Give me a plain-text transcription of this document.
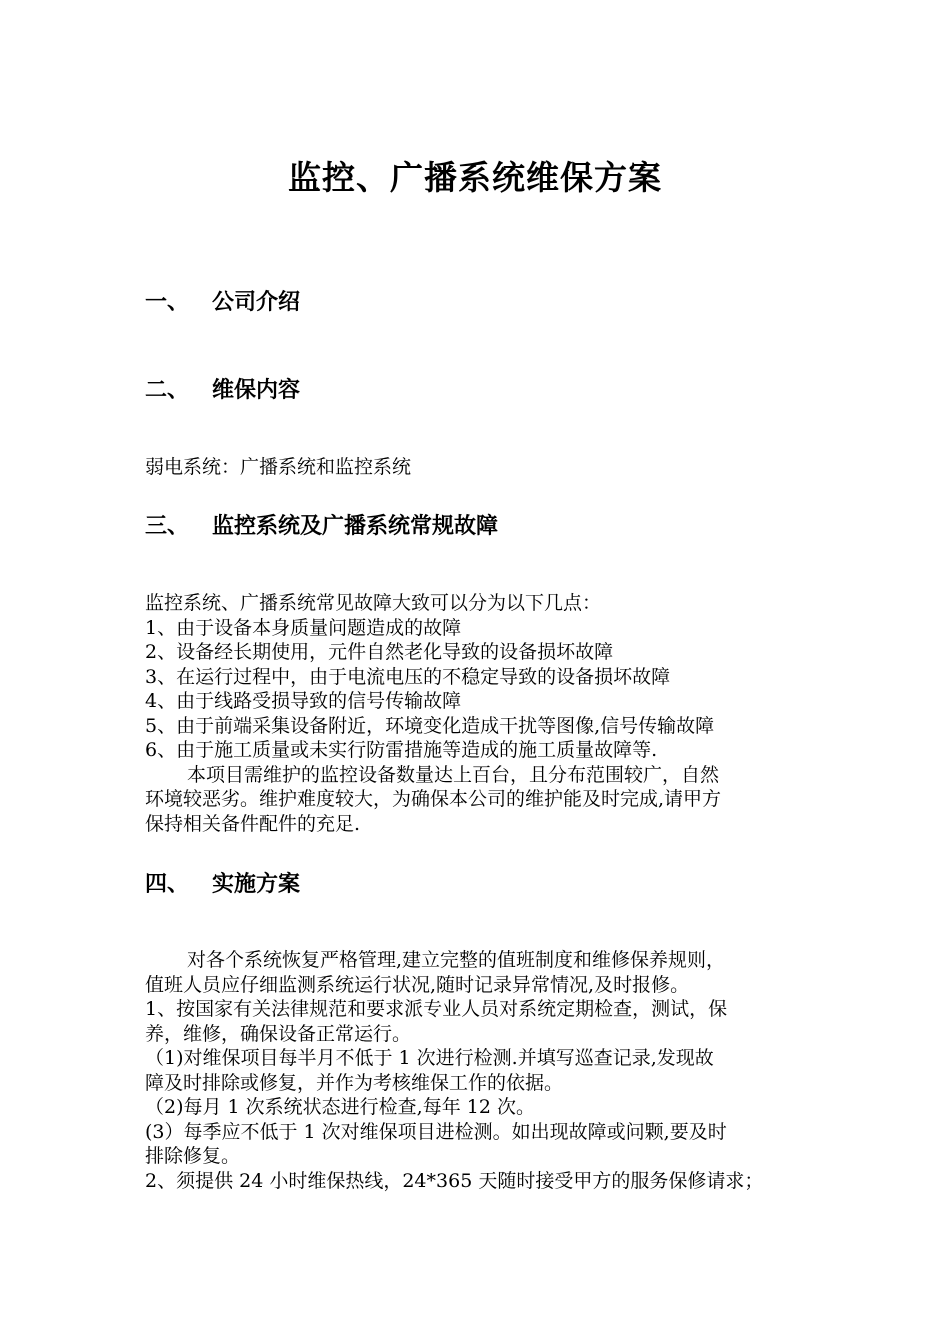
监控、广播系统维保方案
一、 公司介绍
二、 维保内容

弱电系统：广播系统和监控系统

三、 监控系统及广播系统常规故障

监控系统、广播系统常见故障大致可以分为以下几点：

1、由于设备本身质量问题造成的故障

2、设备经长期使用，元件自然老化导致的设备损坏故障

3、在运行过程中，由于电流电压的不稳定导致的设备损坏故障

4、由于线路受损导致的信号传输故障

5、由于前端采集设备附近，环境变化造成干扰等图像,信号传输故障

6、由于施工质量或未实行防雷措施等造成的施工质量故障等.

本项目需维护的监控设备数量达上百台，且分布范围较广，自然

环境较恶劣。维护难度较大，为确保本公司的维护能及时完成,请甲方

保持相关备件配件的充足.

四、 实施方案

对各个系统恢复严格管理,建立完整的值班制度和维修保养规则，

值班人员应仔细监测系统运行状况,随时记录异常情况,及时报修。

1、按国家有关法律规范和要求派专业人员对系统定期检查，测试，保

养，维修，确保设备正常运行。

（1)对维保项目每半月不低于 1 次进行检测.并填写巡查记录,发现故

障及时排除或修复，并作为考核维保工作的依据。

（2)每月 1 次系统状态进行检查,每年 12 次。

(3）每季应不低于 1 次对维保项目进检测。如出现故障或问颗,要及时

排除修复。

2、须提供 24 小时维保热线，24*365 天随时接受甲方的服务保修请求；
